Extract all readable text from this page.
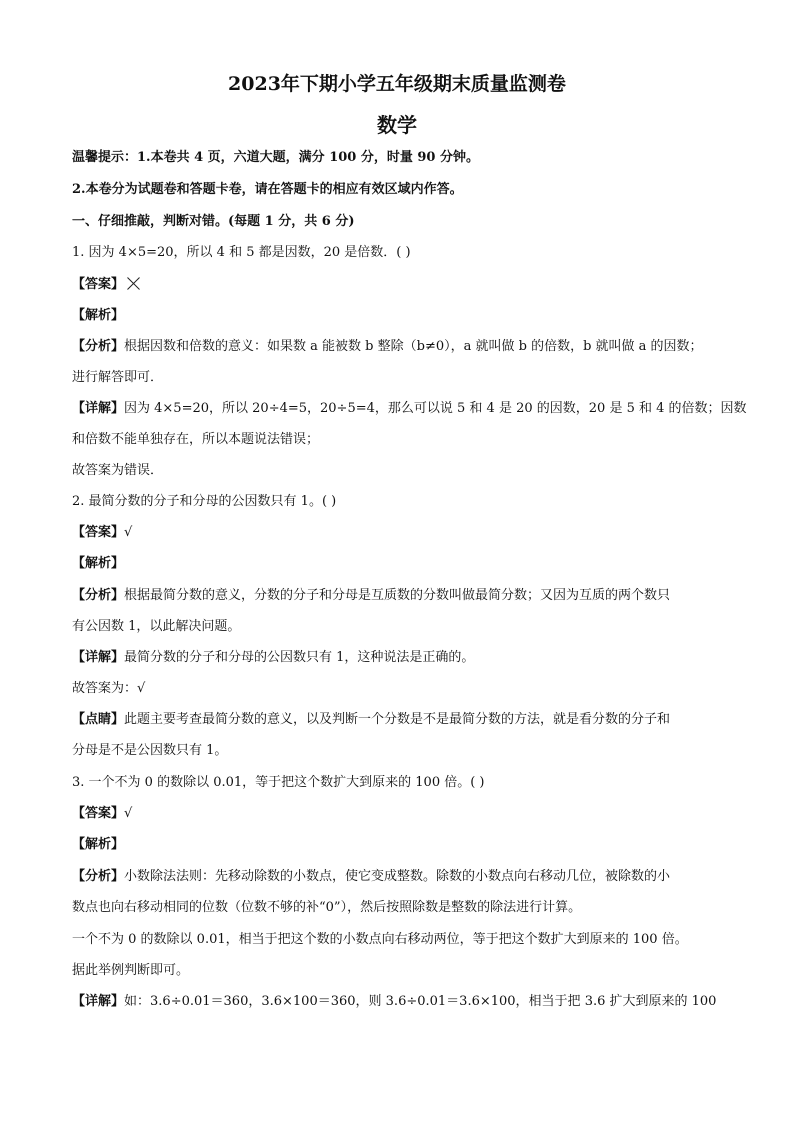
2023年下期小学五年级期末质量监测卷
数学
温馨提示：1.本卷共 4 页，六道大题，满分 100 分，时量 90 分钟。
2.本卷分为试题卷和答题卡卷，请在答题卡的相应有效区域内作答。
一、仔细推敲，判断对错。(每题 1 分，共 6 分)
1. 因为 4×5=20，所以 4 和 5 都是因数，20 是倍数．( )
【答案】
【解析】
【分析】根据因数和倍数的意义：如果数 a 能被数 b 整除（b≠0），a 就叫做 b 的倍数，b 就叫做 a 的因数；
进行解答即可．
【详解】因为 4×5=20，所以 20÷4=5，20÷5=4，那么可以说 5 和 4 是 20 的因数，20 是 5 和 4 的倍数；因数
和倍数不能单独存在，所以本题说法错误；
故答案为错误．
2. 最简分数的分子和分母的公因数只有 1。( )
【答案】√
【解析】
【分析】根据最简分数的意义，分数的分子和分母是互质数的分数叫做最简分数；又因为互质的两个数只
有公因数 1，以此解决问题。
【详解】最简分数的分子和分母的公因数只有 1，这种说法是正确的。
故答案为：√
【点睛】此题主要考查最简分数的意义，以及判断一个分数是不是最简分数的方法，就是看分数的分子和
分母是不是公因数只有 1。
3. 一个不为 0 的数除以 0.01，等于把这个数扩大到原来的 100 倍。( )
【答案】√
【解析】
【分析】小数除法法则：先移动除数的小数点，使它变成整数。除数的小数点向右移动几位，被除数的小
数点也向右移动相同的位数（位数不够的补“0”），然后按照除数是整数的除法进行计算。
一个不为 0 的数除以 0.01，相当于把这个数的小数点向右移动两位，等于把这个数扩大到原来的 100 倍。
据此举例判断即可。
【详解】如：3.6÷0.01＝360，3.6×100＝360，则 3.6÷0.01＝3.6×100，相当于把 3.6 扩大到原来的 100
